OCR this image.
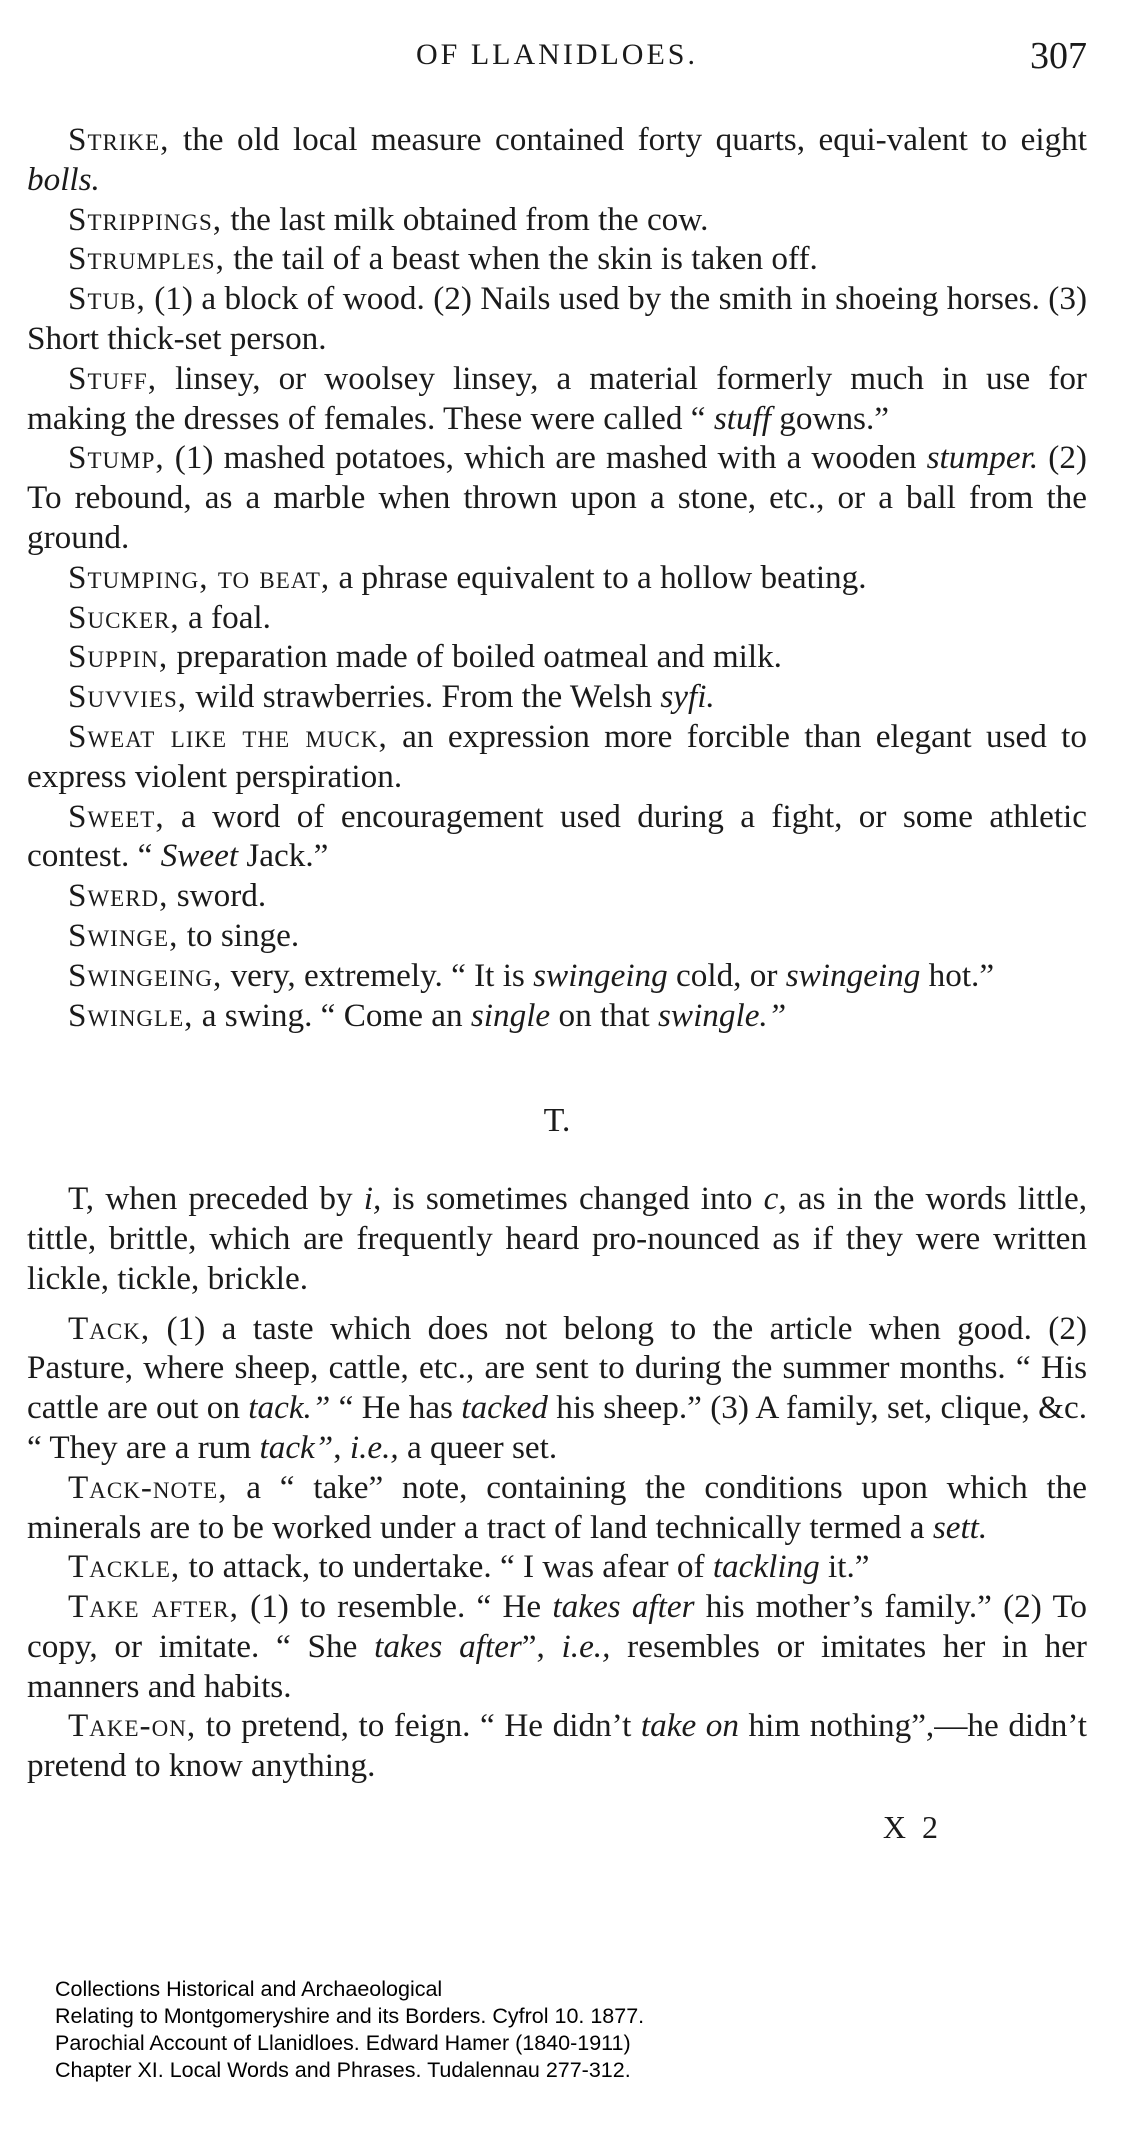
OF LLANIDLOES.	307

Strike, the old local measure contained forty quarts, equi-valent to eight bolls.

Strippings, the last milk obtained from the cow.

Strumples, the tail of a beast when the skin is taken off.

Stub, (1) a block of wood. (2) Nails used by the smith in shoeing horses. (3) Short thick-set person.

Stuff, linsey, or woolsey linsey, a material formerly much in use for making the dresses of females. These were called “ stuff gowns.”

Stump, (1) mashed potatoes, which are mashed with a wooden stumper. (2) To rebound, as a marble when thrown upon a stone, etc., or a ball from the ground.

Stumping, to beat, a phrase equivalent to a hollow beating.

Sucker, a foal.

Suppin, preparation made of boiled oatmeal and milk.

Suvvies, wild strawberries. From the Welsh syfi.

Sweat like the muck, an expression more forcible than elegant used to express violent perspiration.

Sweet, a word of encouragement used during a fight, or some athletic contest. “ Sweet Jack.”

Swerd, sword.

Swinge, to singe.

Swingeing, very, extremely. “ It is swingeing cold, or swingeing hot.”

Swingle, a swing. “ Come an single on that swingle.”

T.

T, when preceded by i, is sometimes changed into c, as in the words little, tittle, brittle, which are frequently heard pro-nounced as if they were written lickle, tickle, brickle.

Tack, (1) a taste which does not belong to the article when good. (2) Pasture, where sheep, cattle, etc., are sent to during the summer months. “ His cattle are out on tack.” “ He has tacked his sheep.” (3) A family, set, clique, &c. “ They are a rum tack”, i.e., a queer set.

Tack-note, a “ take” note, containing the conditions upon which the minerals are to be worked under a tract of land technically termed a sett.

Tackle, to attack, to undertake. “ I was afear of tackling it.”

Take after, (1) to resemble. “ He takes after his mother’s family.” (2) To copy, or imitate. “ She takes after”, i.e., resembles or imitates her in her manners and habits.

Take-on, to pretend, to feign. “ He didn’t take on him nothing”,—he didn’t pretend to know anything.

X 2
Collections Historical and Archaeological
Relating to Montgomeryshire and its Borders. Cyfrol 10. 1877.
Parochial Account of Llanidloes. Edward Hamer (1840-1911)
Chapter XI. Local Words and Phrases. Tudalennau 277-312.
